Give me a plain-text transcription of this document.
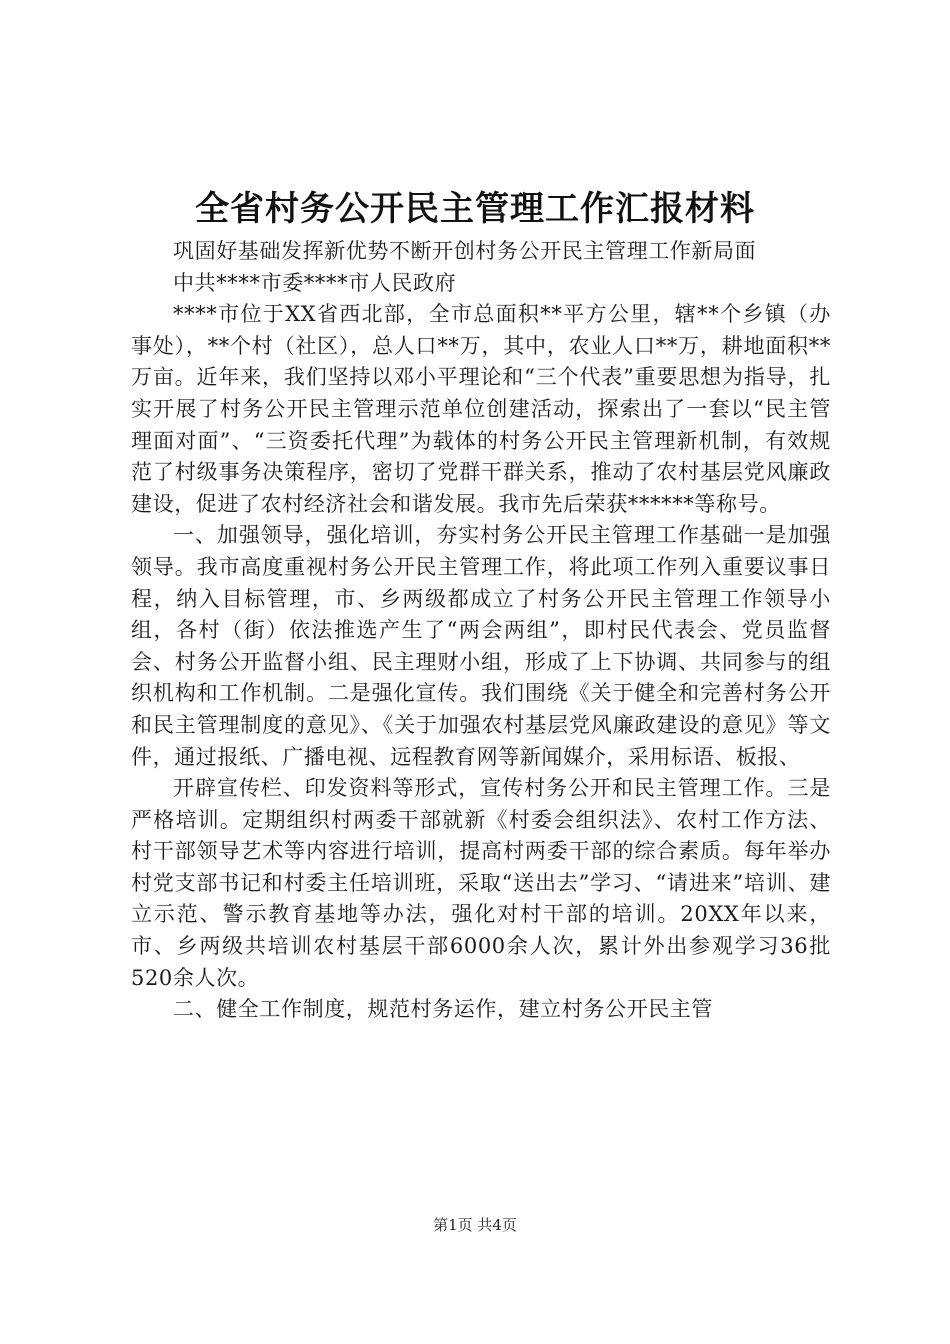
全省村务公开民主管理工作汇报材料

巩固好基础发挥新优势不断开创村务公开民主管理工作新局面

中共****市委****市人民政府

****市位于XX省西北部，全市总面积**平方公里，辖**个乡镇（办事处），**个村（社区），总人口**万，其中，农业人口**万，耕地面积**万亩。近年来，我们坚持以邓小平理论和“三个代表”重要思想为指导，扎实开展了村务公开民主管理示范单位创建活动，探索出了一套以“民主管理面对面”、“三资委托代理”为载体的村务公开民主管理新机制，有效规范了村级事务决策程序，密切了党群干群关系，推动了农村基层党风廉政建设，促进了农村经济社会和谐发展。我市先后荣获******等称号。

一、加强领导，强化培训，夯实村务公开民主管理工作基础一是加强领导。我市高度重视村务公开民主管理工作，将此项工作列入重要议事日程，纳入目标管理，市、乡两级都成立了村务公开民主管理工作领导小组，各村（街）依法推选产生了“两会两组”，即村民代表会、党员监督会、村务公开监督小组、民主理财小组，形成了上下协调、共同参与的组织机构和工作机制。二是强化宣传。我们围绕《关于健全和完善村务公开和民主管理制度的意见》、《关于加强农村基层党风廉政建设的意见》等文件，通过报纸、广播电视、远程教育网等新闻媒介，采用标语、板报、

开辟宣传栏、印发资料等形式，宣传村务公开和民主管理工作。三是严格培训。定期组织村两委干部就新《村委会组织法》、农村工作方法、村干部领导艺术等内容进行培训，提高村两委干部的综合素质。每年举办村党支部书记和村委主任培训班，采取“送出去”学习、“请进来”培训、建立示范、警示教育基地等办法，强化对村干部的培训。20XX年以来，市、乡两级共培训农村基层干部6000余人次，累计外出参观学习36批520余人次。

二、健全工作制度，规范村务运作，建立村务公开民主管

第1页 共4页
